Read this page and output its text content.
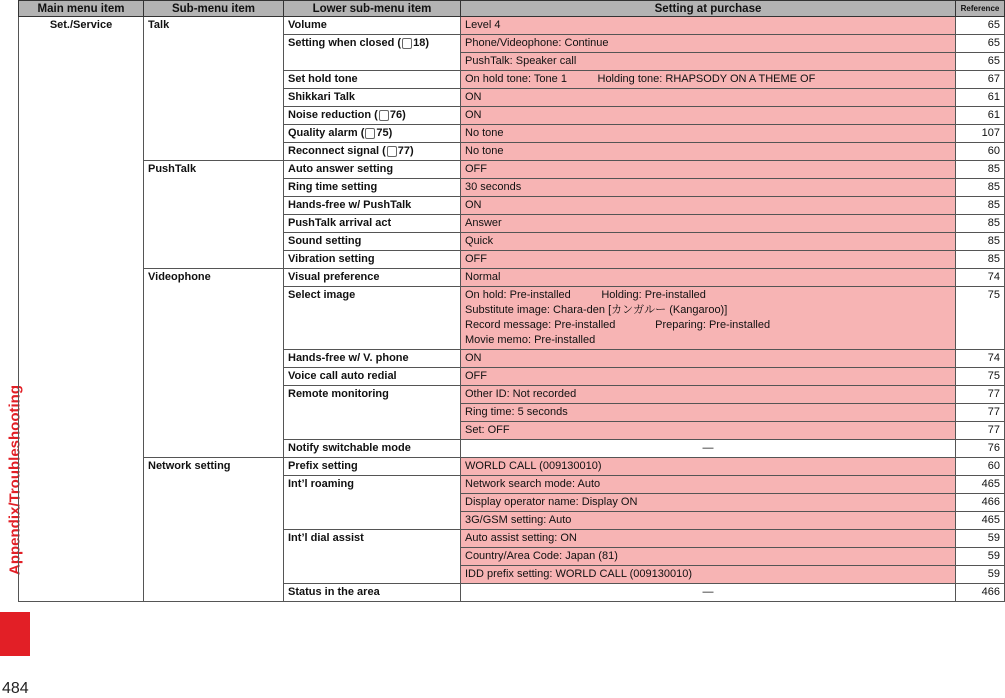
Appendix/Troubleshooting
484
Main menu item	Sub-menu item	Lower sub-menu item	Setting at purchase	Reference
Set./Service	Talk	Volume	Level 4	65
		Setting when closed ( 18)	Phone/Videophone: Continue	65
			PushTalk: Speaker call	65
		Set hold tone	On hold tone: Tone 1          Holding tone: RHAPSODY ON A THEME OF	67
		Shikkari Talk	ON	61
		Noise reduction ( 76)	ON	61
		Quality alarm ( 75)	No tone	107
		Reconnect signal ( 77)	No tone	60
	PushTalk	Auto answer setting	OFF	85
		Ring time setting	30 seconds	85
		Hands-free w/ PushTalk	ON	85
		PushTalk arrival act	Answer	85
		Sound setting	Quick	85
		Vibration setting	OFF	85
	Videophone	Visual preference	Normal	74
		Select image	On hold: Pre-installed          Holding: Pre-installed
Substitute image: Chara-den [カンガルー (Kangaroo)]
Record message: Pre-installed             Preparing: Pre-installed
Movie memo: Pre-installed	75
		Hands-free w/ V. phone	ON	74
		Voice call auto redial	OFF	75
		Remote monitoring	Other ID: Not recorded	77
			Ring time: 5 seconds	77
			Set: OFF	77
		Notify switchable mode	―	76
	Network setting	Prefix setting	WORLD CALL (009130010)	60
		Int’l roaming	Network search mode: Auto	465
			Display operator name: Display ON	466
			3G/GSM setting: Auto	465
		Int’l dial assist	Auto assist setting: ON	59
			Country/Area Code: Japan (81)	59
			IDD prefix setting: WORLD CALL (009130010)	59
		Status in the area	―	466
